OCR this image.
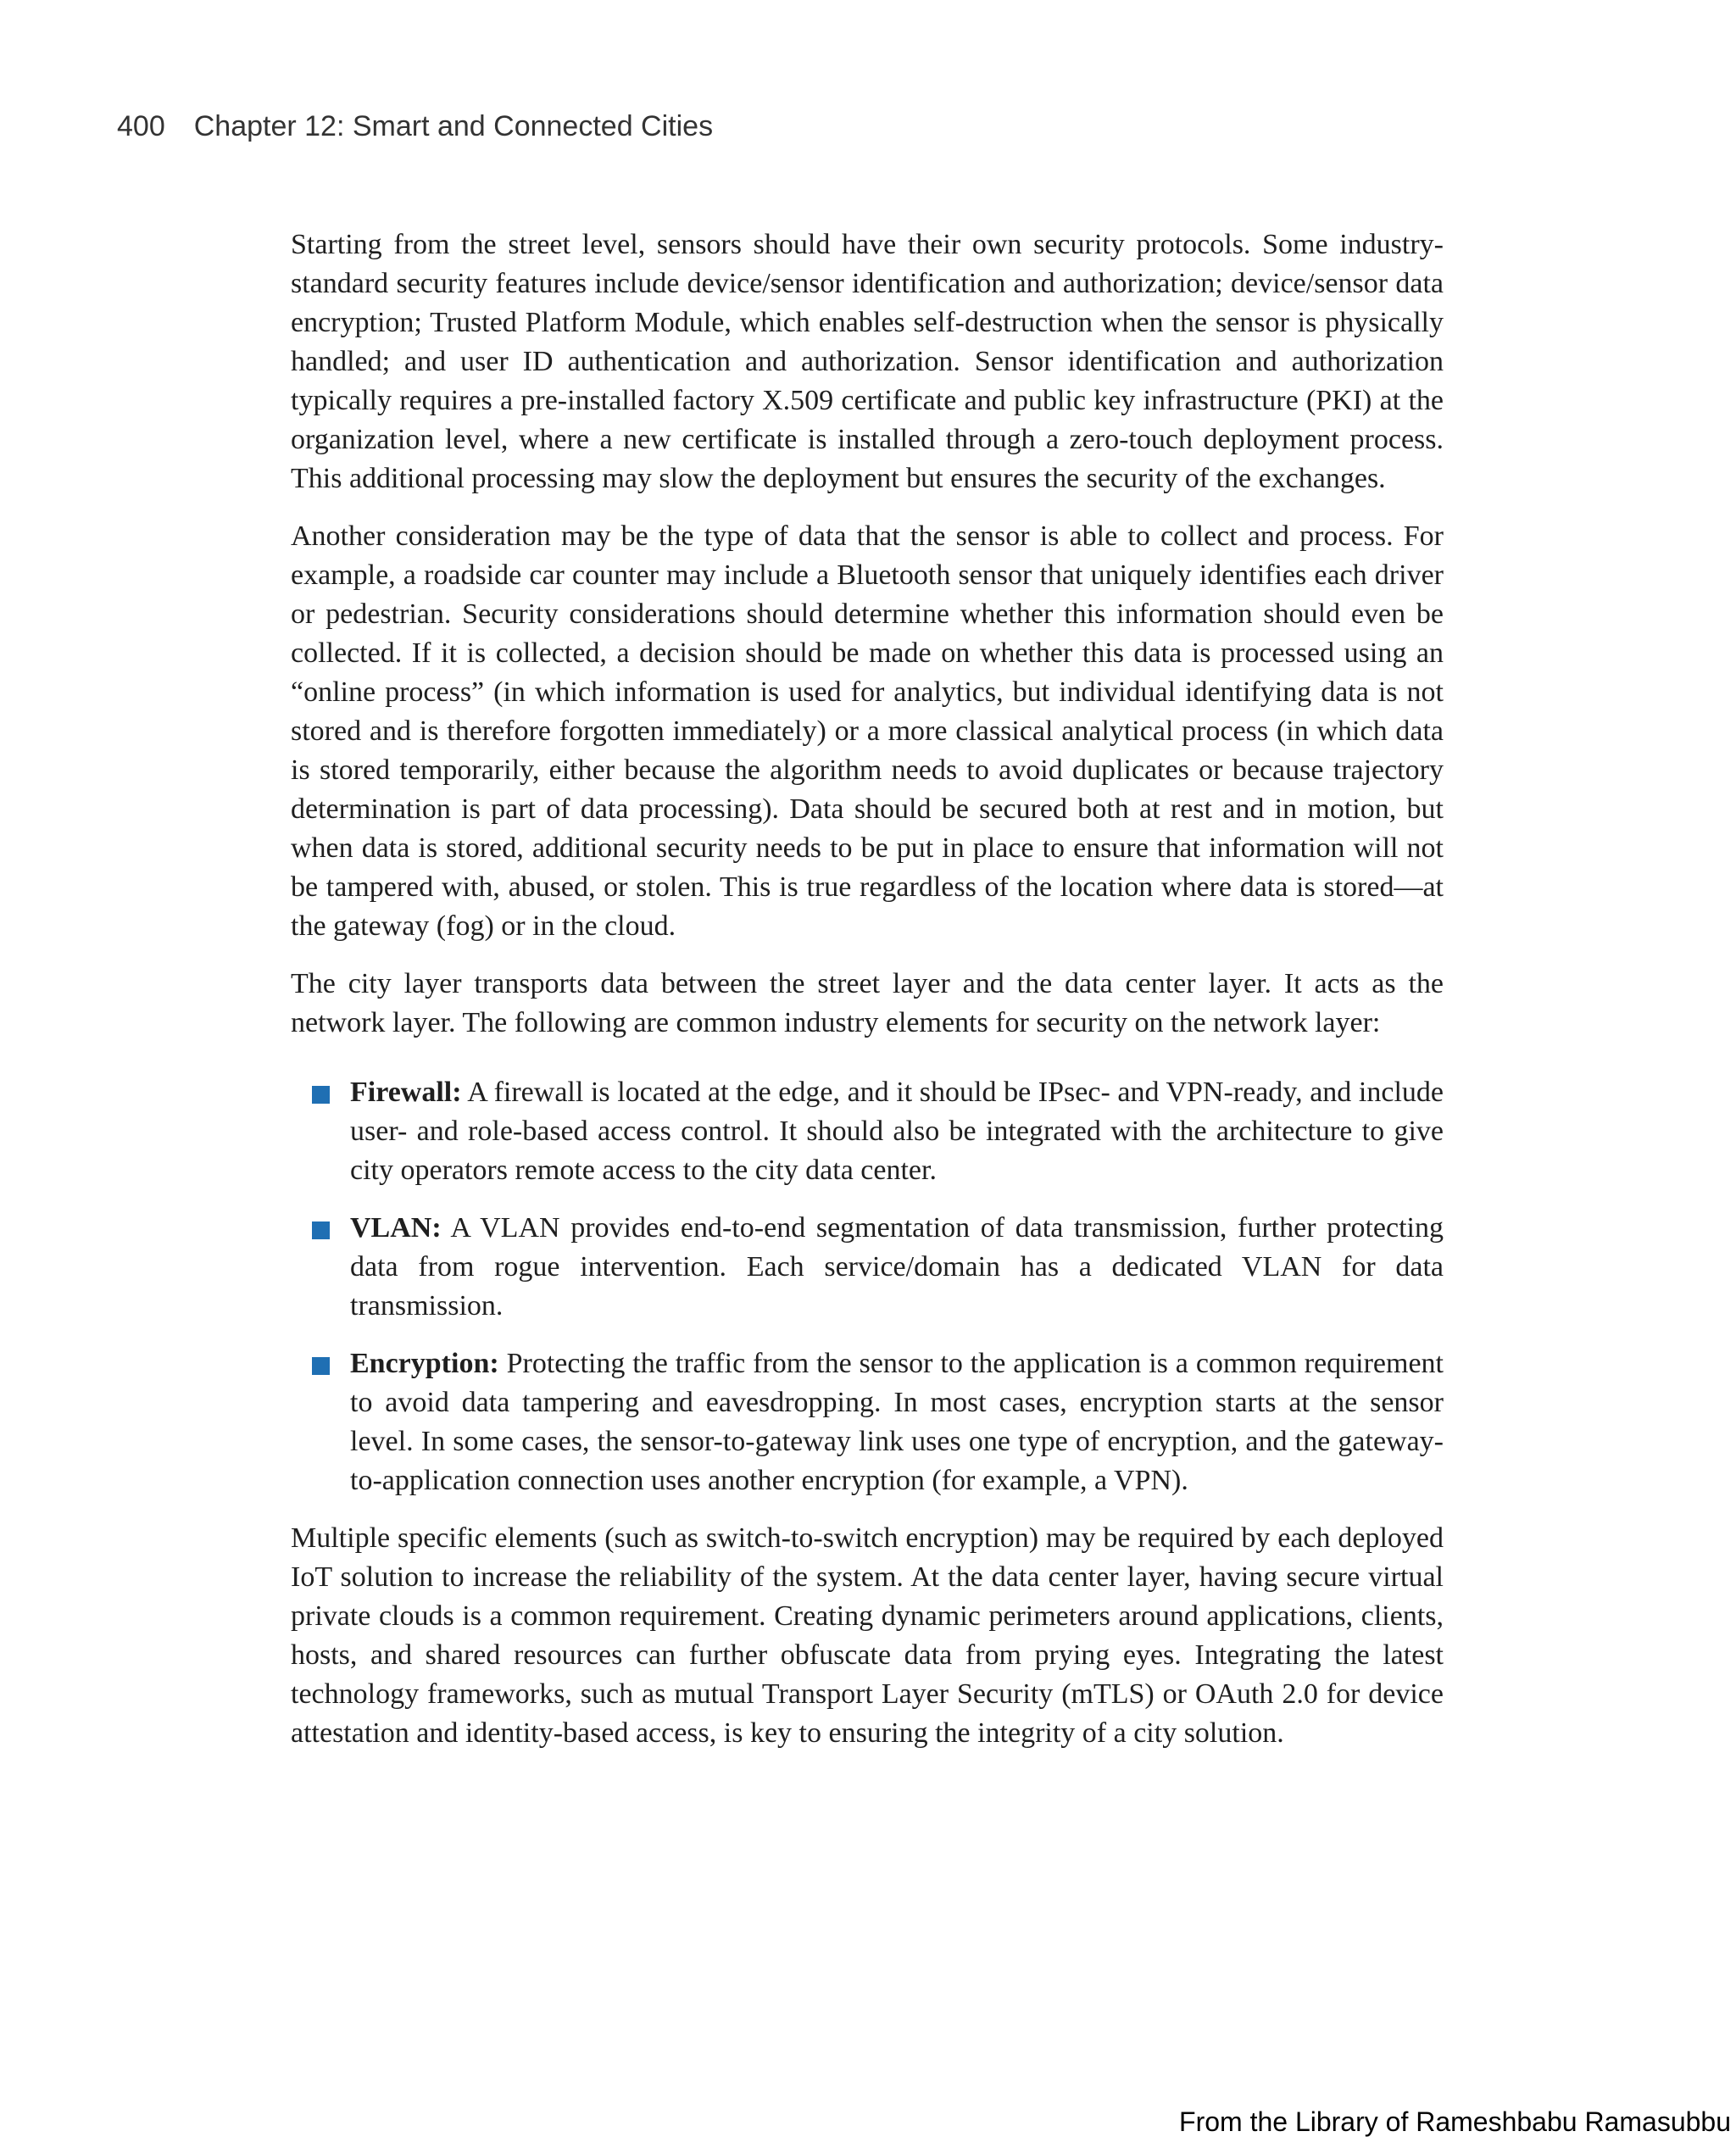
400 Chapter 12: Smart and Connected Cities

Starting from the street level, sensors should have their own security protocols. Some industry-standard security features include device/sensor identification and authorization; device/sensor data encryption; Trusted Platform Module, which enables self-destruction when the sensor is physically handled; and user ID authentication and authorization. Sensor identification and authorization typically requires a pre-installed factory X.509 certificate and public key infrastructure (PKI) at the organization level, where a new certificate is installed through a zero-touch deployment process. This additional processing may slow the deployment but ensures the security of the exchanges.

Another consideration may be the type of data that the sensor is able to collect and process. For example, a roadside car counter may include a Bluetooth sensor that uniquely identifies each driver or pedestrian. Security considerations should determine whether this information should even be collected. If it is collected, a decision should be made on whether this data is processed using an “online process” (in which information is used for analytics, but individual identifying data is not stored and is therefore forgotten immediately) or a more classical analytical process (in which data is stored temporarily, either because the algorithm needs to avoid duplicates or because trajectory determination is part of data processing). Data should be secured both at rest and in motion, but when data is stored, additional security needs to be put in place to ensure that information will not be tampered with, abused, or stolen. This is true regardless of the location where data is stored—at the gateway (fog) or in the cloud.

The city layer transports data between the street layer and the data center layer. It acts as the network layer. The following are common industry elements for security on the network layer:

Firewall: A firewall is located at the edge, and it should be IPsec- and VPN-ready, and include user- and role-based access control. It should also be integrated with the architecture to give city operators remote access to the city data center.
VLAN: A VLAN provides end-to-end segmentation of data transmission, further protecting data from rogue intervention. Each service/domain has a dedicated VLAN for data transmission.
Encryption: Protecting the traffic from the sensor to the application is a common requirement to avoid data tampering and eavesdropping. In most cases, encryption starts at the sensor level. In some cases, the sensor-to-gateway link uses one type of encryption, and the gateway-to-application connection uses another encryption (for example, a VPN).

Multiple specific elements (such as switch-to-switch encryption) may be required by each deployed IoT solution to increase the reliability of the system. At the data center layer, having secure virtual private clouds is a common requirement. Creating dynamic perimeters around applications, clients, hosts, and shared resources can further obfuscate data from prying eyes. Integrating the latest technology frameworks, such as mutual Transport Layer Security (mTLS) or OAuth 2.0 for device attestation and identity-based access, is key to ensuring the integrity of a city solution.

From the Library of Rameshbabu Ramasubbu
